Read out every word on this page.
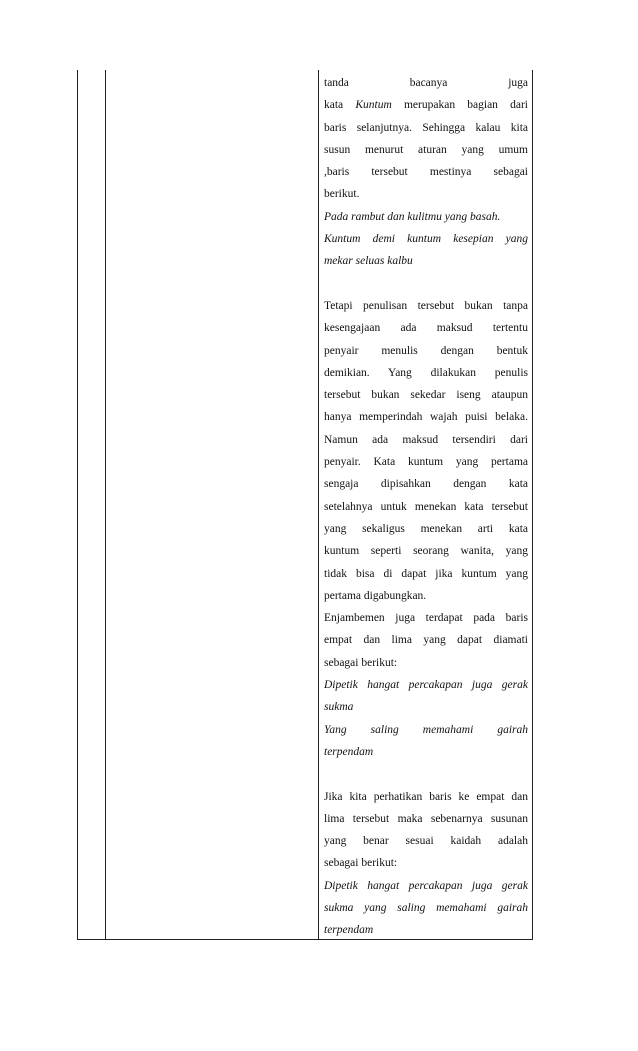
tanda bacanya juga
kata Kuntum merupakan bagian dari
baris selanjutnya. Sehingga kalau kita
susun menurut aturan yang umum
,baris tersebut mestinya sebagai
berikut.
Pada rambut dan kulitmu yang basah.
Kuntum demi kuntum kesepian yang
mekar seluas kalbu
Tetapi penulisan tersebut bukan tanpa
kesengajaan ada maksud tertentu
penyair menulis dengan bentuk
demikian. Yang dilakukan penulis
tersebut bukan sekedar iseng ataupun
hanya memperindah wajah puisi belaka.
Namun ada maksud tersendiri dari
penyair. Kata kuntum yang pertama
sengaja dipisahkan dengan kata
setelahnya untuk menekan kata tersebut
yang sekaligus menekan arti kata
kuntum seperti seorang wanita, yang
tidak bisa di dapat jika kuntum yang
pertama digabungkan.
Enjambemen juga terdapat pada baris
empat dan lima yang dapat diamati
sebagai berikut:
Dipetik hangat percakapan juga gerak
sukma
Yang saling memahami gairah
terpendam
Jika kita perhatikan baris ke empat dan
lima tersebut maka sebenarnya susunan
yang benar sesuai kaidah adalah
sebagai berikut:
Dipetik hangat percakapan juga gerak
sukma yang saling memahami gairah
terpendam
